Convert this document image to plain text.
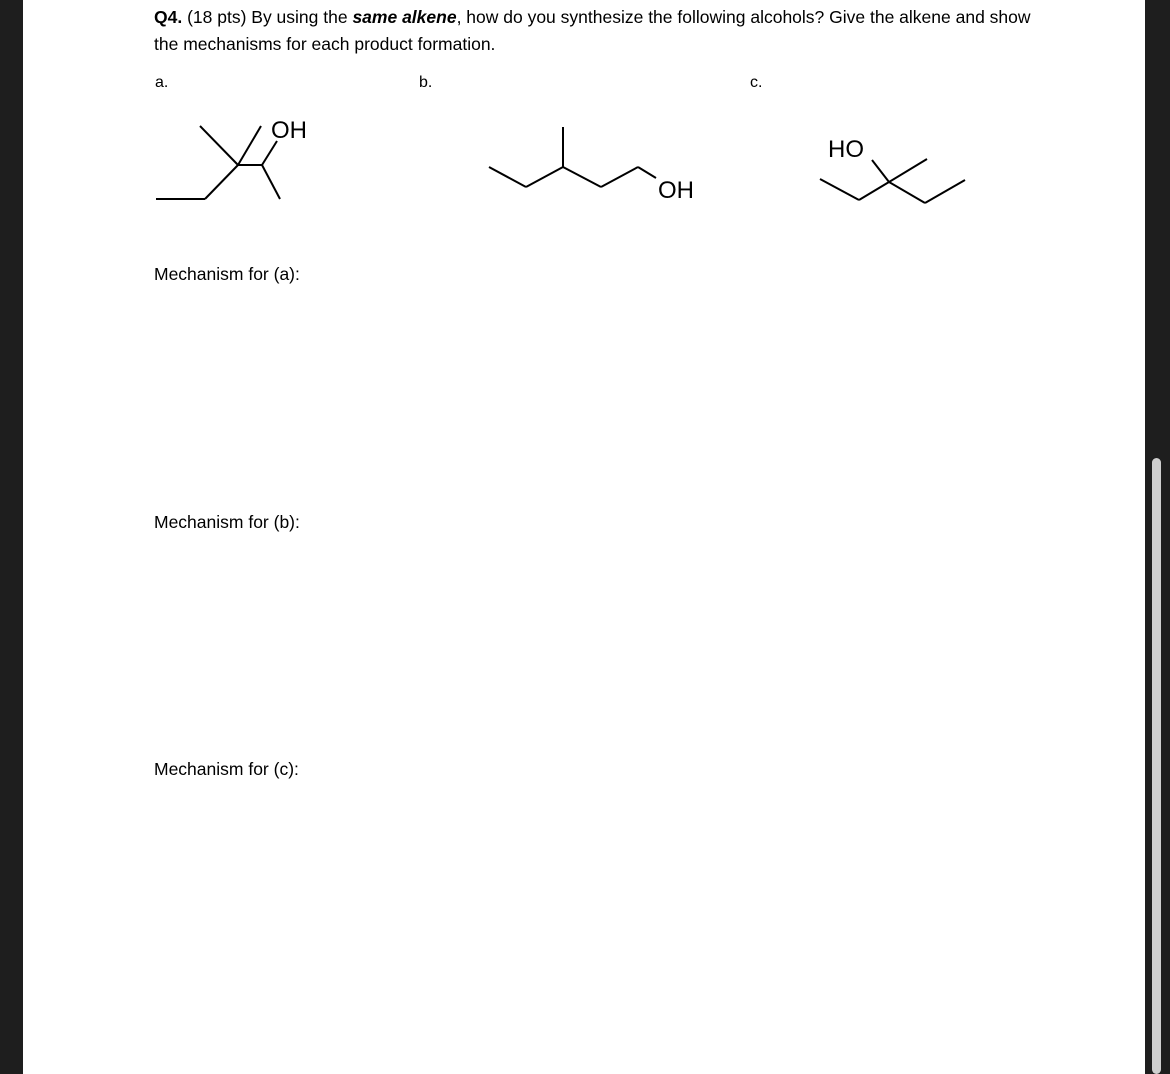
Q4. (18 pts) By using the same alkene, how do you synthesize the following alcohols? Give the alkene and show the mechanisms for each product formation.
a.	b.	c.
OH
OH
HO
Mechanism for (a):
Mechanism for (b):
Mechanism for (c):
